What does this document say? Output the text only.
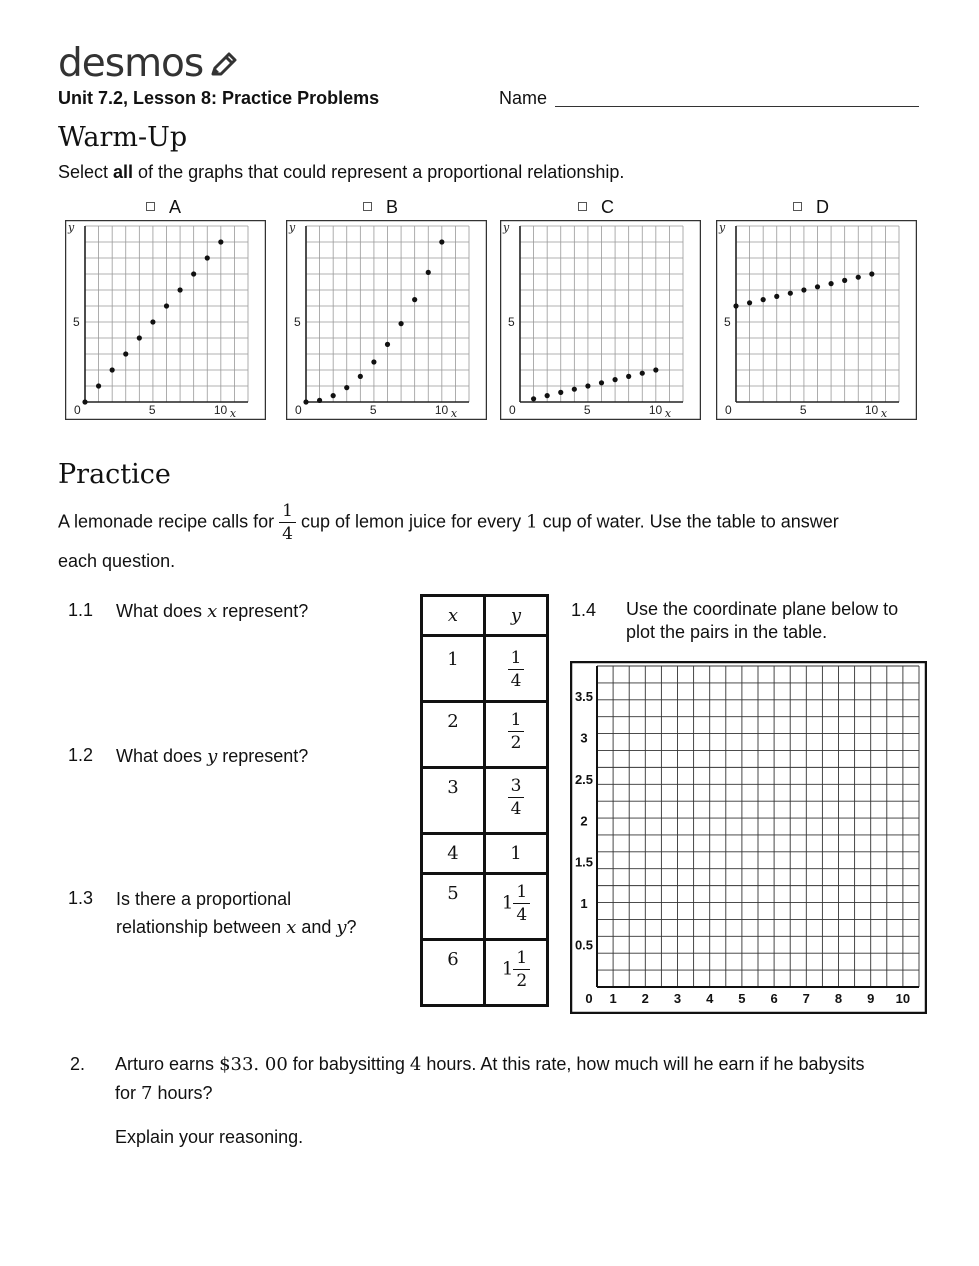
desmos
Unit 7.2, Lesson 8: Practice Problems	Name
Warm-Up
Select all of the graphs that could represent a proportional relationship.
A	B	C	D
0	5	10
5
y
x	0	5	10
5
y
x	0	5	10
5
y
x	0	5	10
5
y
x
Practice
A lemonade recipe calls for $\frac{1}{4}$ cup of lemon juice for every 1 cup of water. Use the table to answer
each question.
1.1 What does x represent?
1.2 What does y represent?
1.3 Is there a proportional
relationship between x and y?
x	y

1	$\frac{1}{4}$

2	$\frac{1}{2}$

3	$\frac{3}{4}$

4	1

5	$1 \frac{1}{4}$

6	$1 \frac{1}{2}$
1.4 Use the coordinate plane below to
plot the pairs in the table.
0 1 2 3 4 5 6 7 8 9 10
0.5
1
1.5
2
2.5
3
3.5
2. Arturo earns $33. 00 for babysitting 4 hours. At this rate, how much will he earn if he babysits
for 7 hours?
Explain your reasoning.
